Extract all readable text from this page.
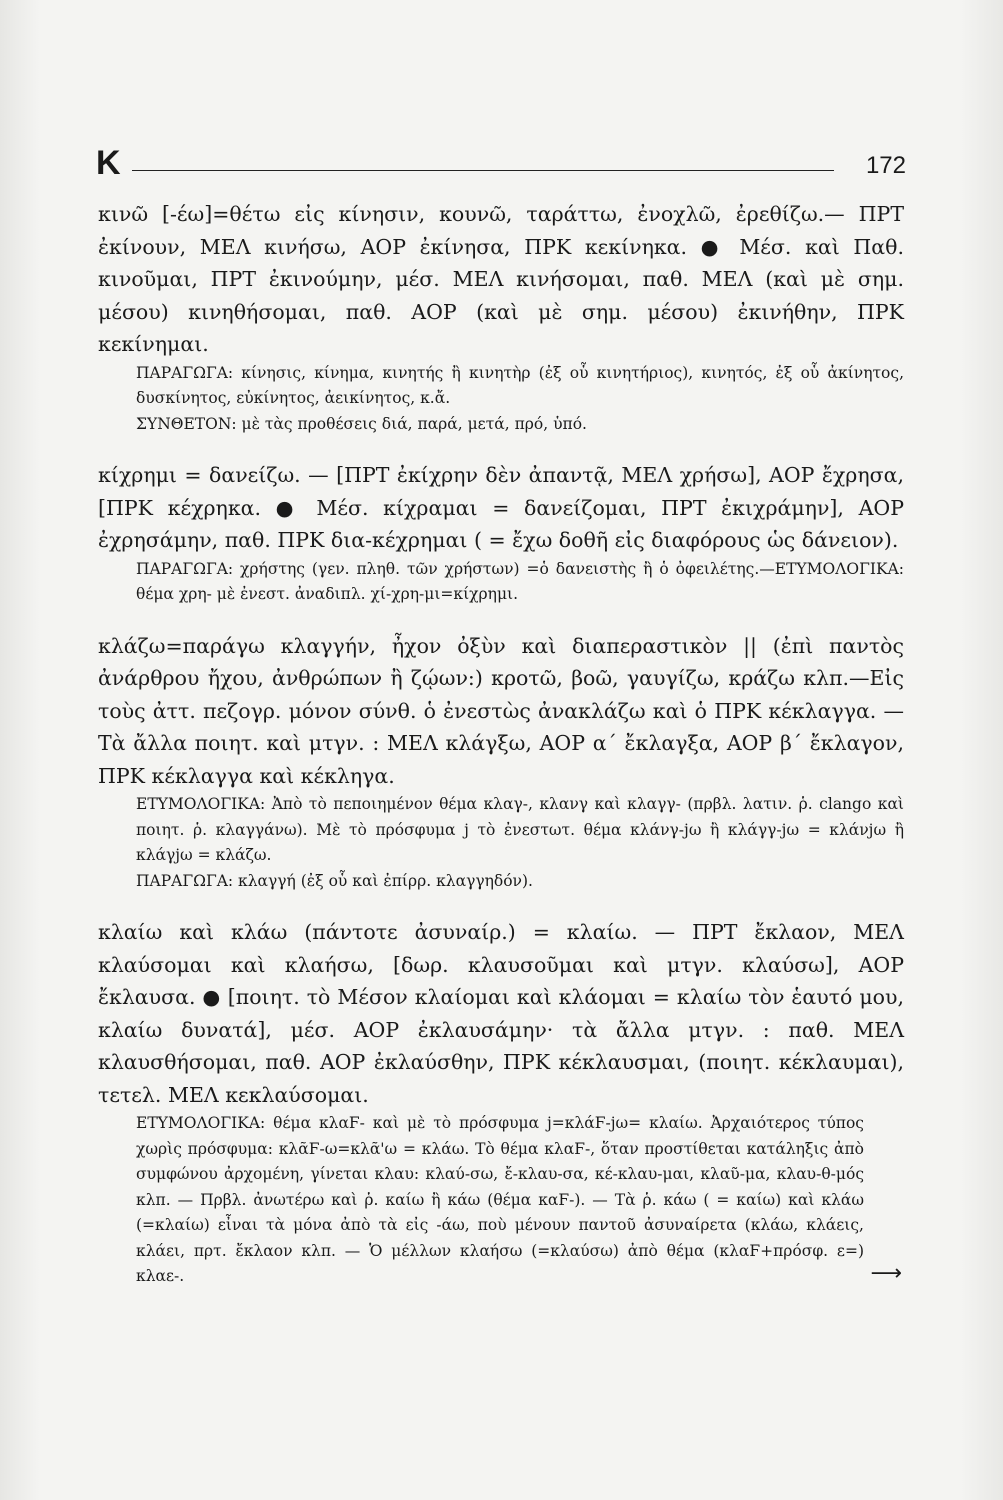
K	172

κινῶ [-έω]=θέτω εἰς κίνησιν, κουνῶ, ταράττω, ἐνοχλῶ, ἐρεθίζω.— ΠΡΤ ἐκίνουν, ΜΕΛ κινήσω, ΑΟΡ ἐκίνησα, ΠΡΚ κεκίνηκα. ● Μέσ. καὶ Παθ. κινοῦμαι, ΠΡΤ ἐκινούμην, μέσ. ΜΕΛ κινήσομαι, παθ. ΜΕΛ (καὶ μὲ σημ. μέσου) κινηθήσομαι, παθ. ΑΟΡ (καὶ μὲ σημ. μέσου) ἐκινήθην, ΠΡΚ κεκίνημαι.

ΠΑΡΑΓΩΓΑ: κίνησις, κίνημα, κινητής ἢ κινητὴρ (ἐξ οὗ κινητήριος), κινητός, ἐξ οὗ ἀκίνητος, δυσκίνητος, εὐκίνητος, ἀεικίνητος, κ.ἄ.

ΣΥΝΘΕΤΟΝ: μὲ τὰς προθέσεις διά, παρά, μετά, πρό, ὑπό.

κίχρημι = δανείζω. — [ΠΡΤ ἐκίχρην δὲν ἀπαντᾷ, ΜΕΛ χρήσω], ΑΟΡ ἔχρησα, [ΠΡΚ κέχρηκα. ● Μέσ. κίχραμαι = δανείζομαι, ΠΡΤ ἐκιχράμην], ΑΟΡ ἐχρησάμην, παθ. ΠΡΚ δια-κέχρημαι ( = ἔχω δοθῆ εἰς διαφόρους ὡς δάνειον).

ΠΑΡΑΓΩΓΑ: χρήστης (γεν. πληθ. τῶν χρήστων) =ὁ δανειστὴς ἢ ὁ ὀφειλέτης.—ΕΤΥΜΟΛΟΓΙΚΑ: θέμα χρη- μὲ ἐνεστ. ἀναδιπλ. χί-χρη-μι=κίχρημι.

κλάζω=παράγω κλαγγήν, ἦχον ὀξὺν καὶ διαπεραστικὸν || (ἐπὶ παντὸς ἀνάρθρου ἤχου, ἀνθρώπων ἢ ζῴων:) κροτῶ, βοῶ, γαυγίζω, κράζω κλπ.—Εἰς τοὺς ἀττ. πεζογρ. μόνον σύνθ. ὁ ἐνεστὼς ἀνακλάζω καὶ ὁ ΠΡΚ κέκλαγγα. — Τὰ ἄλλα ποιητ. καὶ μτγν. : ΜΕΛ κλάγξω, ΑΟΡ α΄ ἔκλαγξα, ΑΟΡ β΄ ἔκλαγον, ΠΡΚ κέκλαγγα καὶ κέκληγα.

ΕΤΥΜΟΛΟΓΙΚΑ: Ἀπὸ τὸ πεποιημένον θέμα κλαγ-, κλανγ καὶ κλαγγ- (πρβλ. λατιν. ῥ. clango καὶ ποιητ. ῥ. κλαγγάνω). Μὲ τὸ πρόσφυμα j τὸ ἐνεστωτ. θέμα κλάνγ-jω ἢ κλάγγ-jω = κλάνjω ἢ κλάγjω = κλάζω.

ΠΑΡΑΓΩΓΑ: κλαγγή (ἐξ οὗ καὶ ἐπίρρ. κλαγγηδόν).

κλαίω καὶ κλάω (πάντοτε ἀσυναίρ.) = κλαίω. — ΠΡΤ ἔκλαον, ΜΕΛ κλαύσομαι καὶ κλαήσω, [δωρ. κλαυσοῦμαι καὶ μτγν. κλαύσω], ΑΟΡ ἔκλαυσα. ● [ποιητ. τὸ Μέσον κλαίομαι καὶ κλάομαι = κλαίω τὸν ἑαυτό μου, κλαίω δυνατά], μέσ. ΑΟΡ ἐκλαυσάμην· τὰ ἄλλα μτγν. : παθ. ΜΕΛ κλαυσθήσομαι, παθ. ΑΟΡ ἐκλαύσθην, ΠΡΚ κέκλαυσμαι, (ποιητ. κέκλαυμαι), τετελ. ΜΕΛ κεκλαύσομαι.

ΕΤΥΜΟΛΟΓΙΚΑ: θέμα κλαϜ- καὶ μὲ τὸ πρόσφυμα j=κλάϜ-jω= κλαίω. Ἀρχαιότερος τύπος χωρὶς πρόσφυμα: κλᾶϜ-ω=κλᾶ'ω = κλάω. Τὸ θέμα κλαϜ-, ὅταν προστίθεται κατάληξις ἀπὸ συμφώνου ἀρχομένη, γίνεται κλαυ: κλαύ-σω, ἔ-κλαυ-σα, κέ-κλαυ-μαι, κλαῦ-μα, κλαυ-θ-μός κλπ. — Πρβλ. ἀνωτέρω καὶ ῥ. καίω ἢ κάω (θέμα καϜ-). — Τὰ ῥ. κάω ( = καίω) καὶ κλάω (=κλαίω) εἶναι τὰ μόνα ἀπὸ τὰ εἰς -άω, ποὺ μένουν παντοῦ ἀσυναίρετα (κλάω, κλάεις, κλάει, πρτ. ἔκλαον κλπ. — Ὁ μέλλων κλαήσω (=κλαύσω) ἀπὸ θέμα (κλαϜ+πρόσφ. ε=) κλαε-.	⟶
